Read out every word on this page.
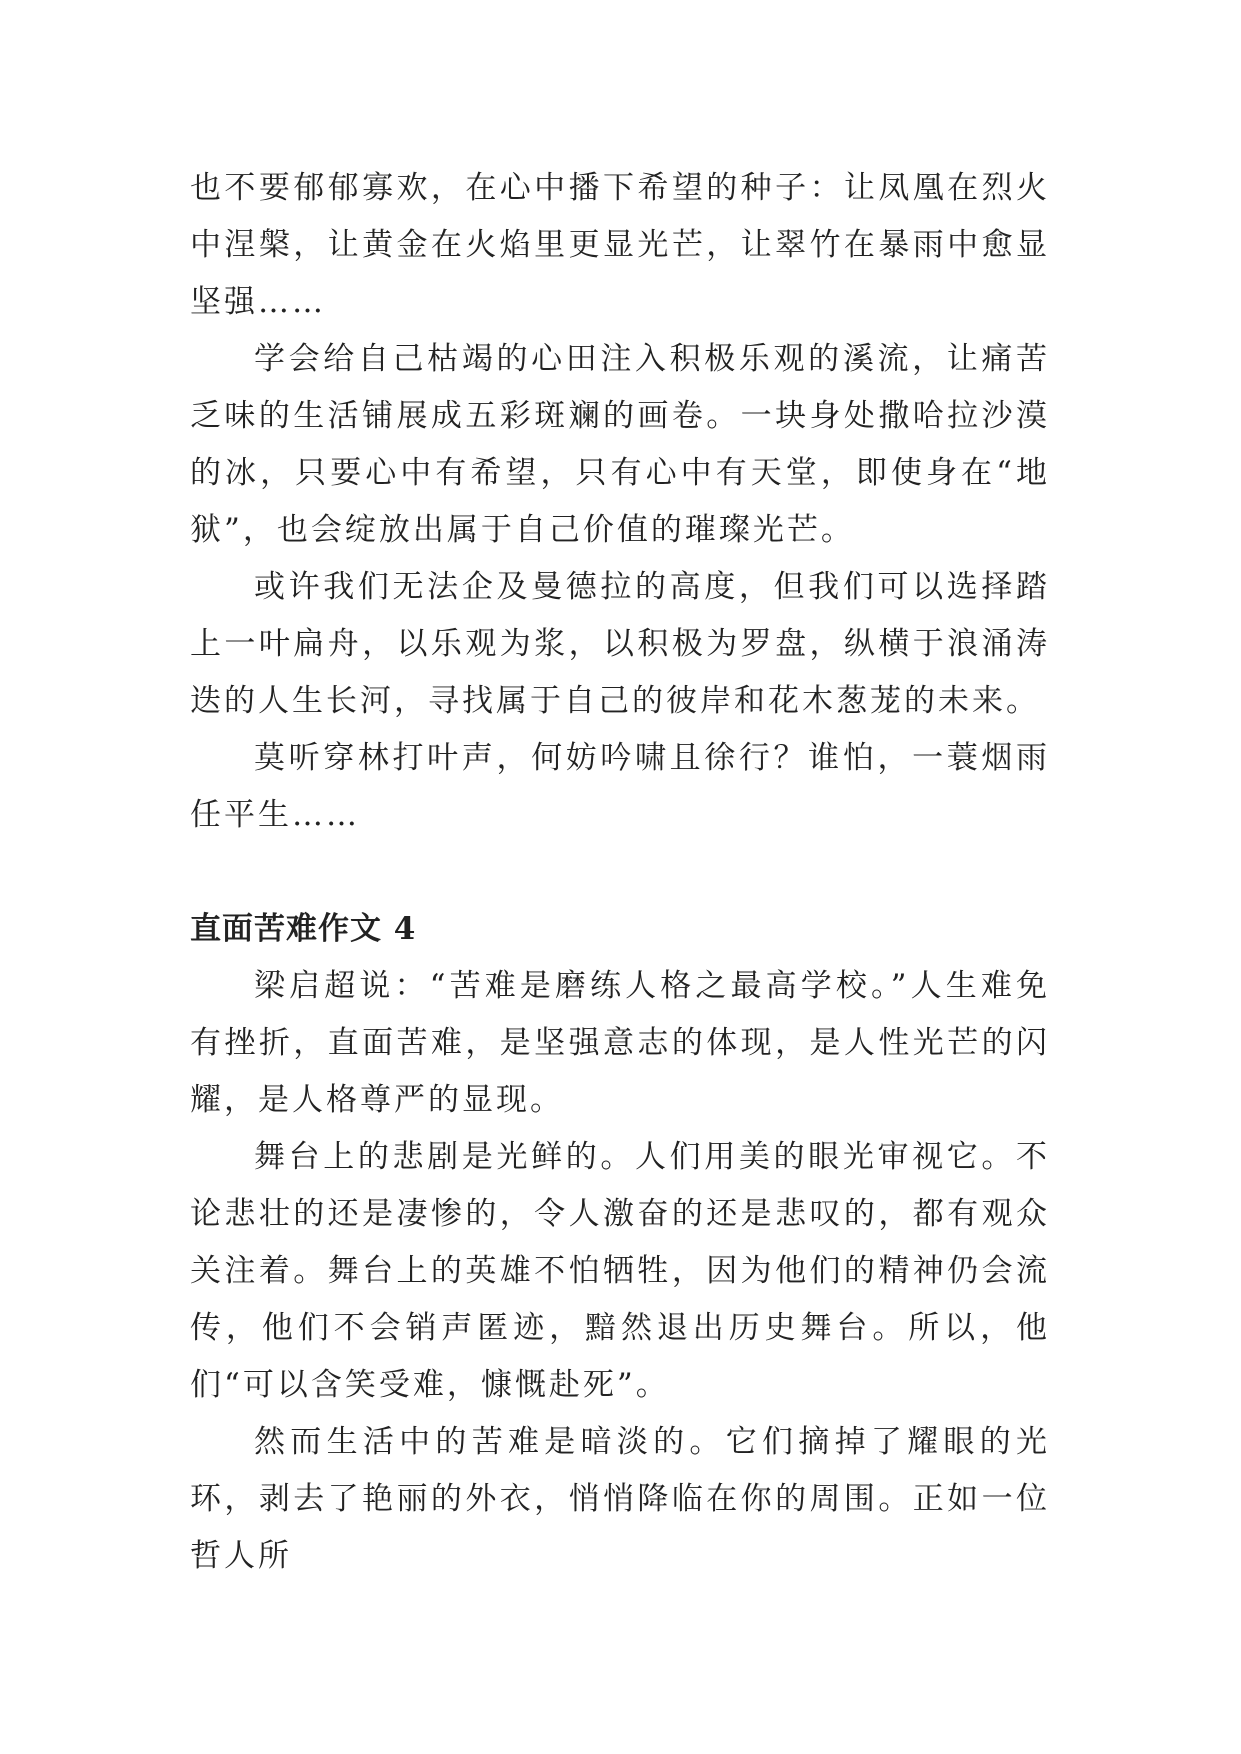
也不要郁郁寡欢，在心中播下希望的种子：让凤凰在烈火中涅槃，让黄金在火焰里更显光芒，让翠竹在暴雨中愈显坚强……

学会给自己枯竭的心田注入积极乐观的溪流，让痛苦乏味的生活铺展成五彩斑斓的画卷。一块身处撒哈拉沙漠的冰，只要心中有希望，只有心中有天堂，即使身在“地狱”，也会绽放出属于自己价值的璀璨光芒。

或许我们无法企及曼德拉的高度，但我们可以选择踏上一叶扁舟，以乐观为浆，以积极为罗盘，纵横于浪涌涛迭的人生长河，寻找属于自己的彼岸和花木葱茏的未来。

莫听穿林打叶声，何妨吟啸且徐行？谁怕，一蓑烟雨任平生……

直面苦难作文 4

梁启超说：“苦难是磨练人格之最高学校。”人生难免有挫折，直面苦难，是坚强意志的体现，是人性光芒的闪耀，是人格尊严的显现。

舞台上的悲剧是光鲜的。人们用美的眼光审视它。不论悲壮的还是凄惨的，令人激奋的还是悲叹的，都有观众关注着。舞台上的英雄不怕牺牲，因为他们的精神仍会流传，他们不会销声匿迹，黯然退出历史舞台。所以，他们“可以含笑受难，慷慨赴死”。

然而生活中的苦难是暗淡的。它们摘掉了耀眼的光环，剥去了艳丽的外衣，悄悄降临在你的周围。正如一位哲人所
